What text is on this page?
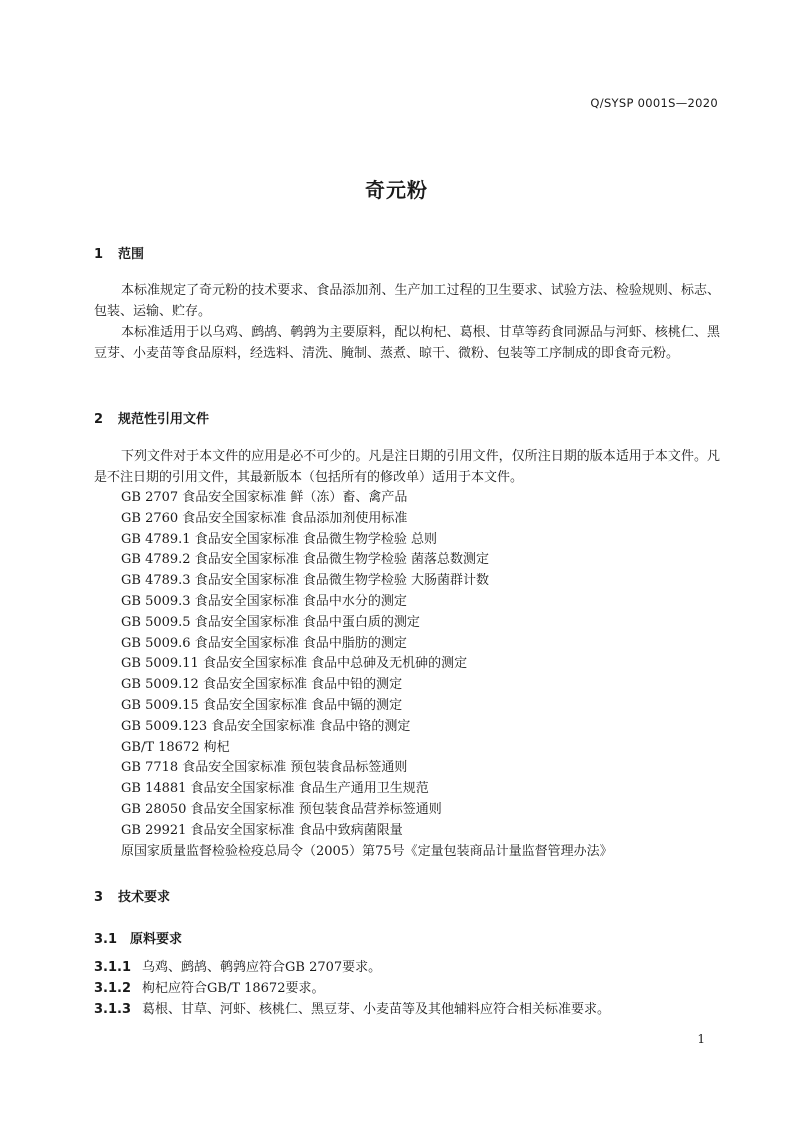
Q/SYSP 0001S—2020
奇元粉
1 范围
本标准规定了奇元粉的技术要求、食品添加剂、生产加工过程的卫生要求、试验方法、检验规则、标志、包装、运输、贮存。
本标准适用于以乌鸡、鹧鸪、鹌鹑为主要原料，配以枸杞、葛根、甘草等药食同源品与河虾、核桃仁、黑豆芽、小麦苗等食品原料，经选料、清洗、腌制、蒸煮、晾干、微粉、包装等工序制成的即食奇元粉。
2 规范性引用文件
下列文件对于本文件的应用是必不可少的。凡是注日期的引用文件，仅所注日期的版本适用于本文件。凡是不注日期的引用文件，其最新版本（包括所有的修改单）适用于本文件。
GB 2707 食品安全国家标准 鲜（冻）畜、禽产品
GB 2760 食品安全国家标准 食品添加剂使用标准
GB 4789.1 食品安全国家标准 食品微生物学检验 总则
GB 4789.2 食品安全国家标准 食品微生物学检验 菌落总数测定
GB 4789.3 食品安全国家标准 食品微生物学检验 大肠菌群计数
GB 5009.3 食品安全国家标准 食品中水分的测定
GB 5009.5 食品安全国家标准 食品中蛋白质的测定
GB 5009.6 食品安全国家标准 食品中脂肪的测定
GB 5009.11 食品安全国家标准 食品中总砷及无机砷的测定
GB 5009.12 食品安全国家标准 食品中铅的测定
GB 5009.15 食品安全国家标准 食品中镉的测定
GB 5009.123 食品安全国家标准 食品中铬的测定
GB/T 18672 枸杞
GB 7718 食品安全国家标准 预包装食品标签通则
GB 14881 食品安全国家标准 食品生产通用卫生规范
GB 28050 食品安全国家标准 预包装食品营养标签通则
GB 29921 食品安全国家标准 食品中致病菌限量
原国家质量监督检验检疫总局令（2005）第75号《定量包装商品计量监督管理办法》
3 技术要求
3.1 原料要求
3.1.1 乌鸡、鹧鸪、鹌鹑应符合GB 2707要求。
3.1.2 枸杞应符合GB/T 18672要求。
3.1.3 葛根、甘草、河虾、核桃仁、黑豆芽、小麦苗等及其他辅料应符合相关标准要求。
1
